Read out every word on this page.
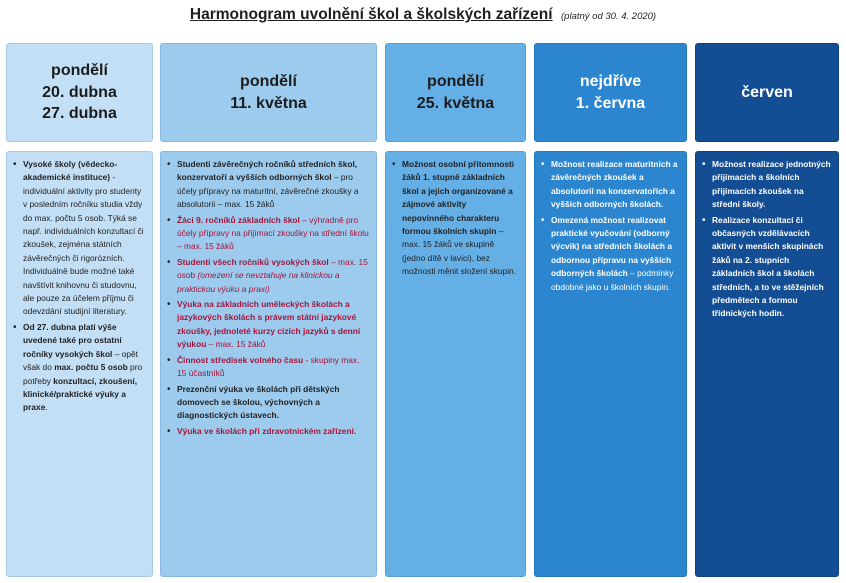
Harmonogram uvolnění škol a školských zařízení (platný od 30. 4. 2020)
pondělí
20. dubna
27. dubna
• Vysoké školy (vědecko-akademické instituce) - individuální aktivity pro studenty v posledním ročníku studia vždy do max. počtu 5 osob. Týká se např. individuálních konzultací či zkoušek, zejména státních závěrečných či rigorózních. Individuálně bude možné také navštívit knihovnu či studovnu, ale pouze za účelem příjmu či odevzdání studijní literatury.
• Od 27. dubna platí výše uvedené také pro ostatní ročníky vysokých škol – opět však do max. počtu 5 osob pro potřeby konzultací, zkoušení, klinické/praktické výuky a praxe.
pondělí
11. května
• Studenti závěrečných ročníků středních škol, konzervatoří a vyšších odborných škol – pro účely přípravy na maturitní, závěrečné zkoušky a absolutorii – max. 15 žáků
• Žáci 9. ročníků základních škol – výhradně pro účely přípravy na přijímací zkoušky na střední školu – max. 15 žáků
• Studenti všech ročníků vysokých škol – max. 15 osob (omezení se nevztahuje na klinickou a praktickou výuku a praxi)
• Výuka na základních uměleckých školách a jazykových školách s právem státní jazykové zkoušky, jednoleté kurzy cizích jazyků s denní výukou – max. 15 žáků
• Činnost středisek volného času - skupiny max. 15 účastníků
• Prezenční výuka ve školách při dětských domovech se školou, výchovných a diagnostických ústavech.
• Výuka ve školách při zdravotnickém zařízení.
pondělí
25. května
• Možnost osobní přítomnosti žáků 1. stupně základních škol a jejich organizované a zájmové aktivity nepovinného charakteru formou školních skupin – max. 15 žáků ve skupině (jedno dítě v lavici), bez možnosti měnit složení skupin.
nejdříve
1. června
• Možnost realizace maturitních a závěrečných zkoušek a absolutorií na konzervatořích a vyšších odborných školách.
• Omezená možnost realizovat praktické vyučování (odborný výcvik) na středních školách a odbornou přípravu na vyšších odborných školách – podmínky obdobné jako u školních skupin.
červen
• Možnost realizace jednotných přijímacích a školních přijímacích zkoušek na střední školy.
• Realizace konzultací či občasných vzdělávacích aktivit v menších skupinách žáků na 2. stupních základních škol a školách středních, a to ve stěžejních předmětech a formou třídnických hodin.
